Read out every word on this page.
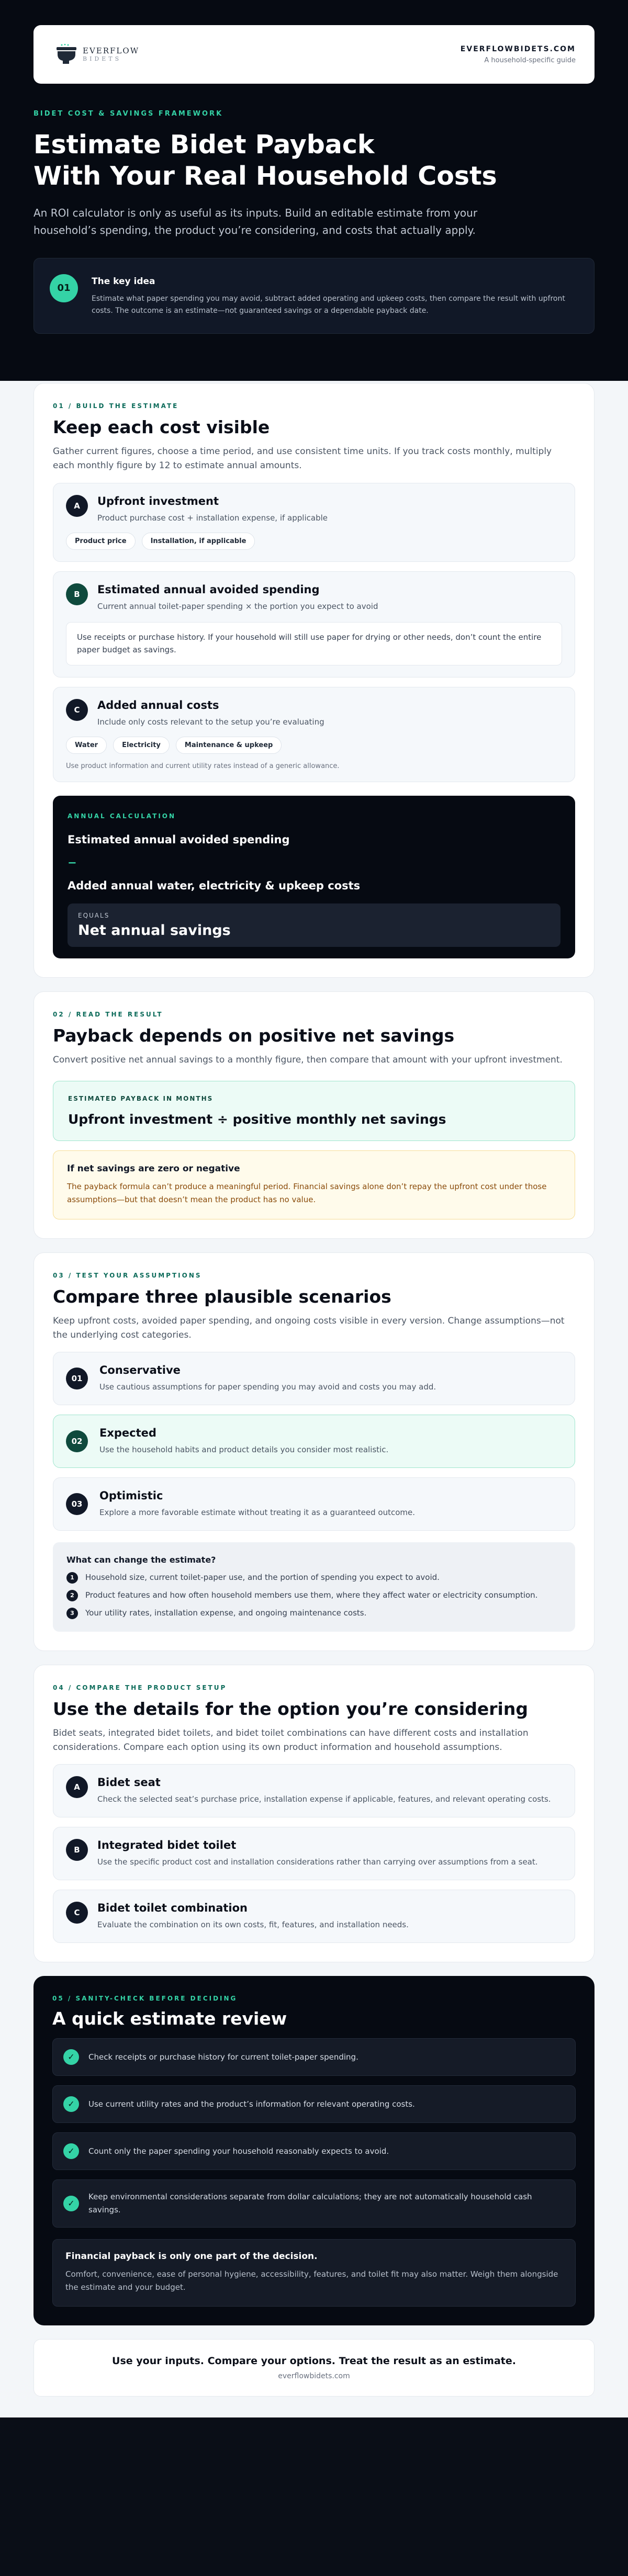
EVERFLOW
BIDETS
EVERFLOWBIDETS.COM
A household-specific guide
BIDET COST & SAVINGS FRAMEWORK
Estimate Bidet Payback
With Your Real Household Costs

An ROI calculator is only as useful as its inputs. Build an editable estimate from your household’s spending, the product you’re considering, and costs that actually apply.

01
The key idea

Estimate what paper spending you may avoid, subtract added operating and upkeep costs, then compare the result with upfront costs. The outcome is an estimate—not guaranteed savings or a dependable payback date.

01 / BUILD THE ESTIMATE
Keep each cost visible

Gather current figures, choose a time period, and use consistent time units. If you track costs monthly, multiply each monthly figure by 12 to estimate annual amounts.

A	Upfront investment
Product purchase cost + installation expense, if applicable
Product price	Installation, if applicable
B	Estimated annual avoided spending
Current annual toilet-paper spending × the portion you expect to avoid
Use receipts or purchase history. If your household will still use paper for drying or other needs, don’t count the entire paper budget as savings.
C	Added annual costs
Include only costs relevant to the setup you’re evaluating
Water	Electricity	Maintenance & upkeep
Use product information and current utility rates instead of a generic allowance.
ANNUAL CALCULATION
Estimated annual avoided spending
−
Added annual water, electricity & upkeep costs
EQUALS
Net annual savings
02 / READ THE RESULT
Payback depends on positive net savings

Convert positive net annual savings to a monthly figure, then compare that amount with your upfront investment.

ESTIMATED PAYBACK IN MONTHS
Upfront investment ÷ positive monthly net savings
If net savings are zero or negative

The payback formula can’t produce a meaningful period. Financial savings alone don’t repay the upfront cost under those assumptions—but that doesn’t mean the product has no value.

03 / TEST YOUR ASSUMPTIONS
Compare three plausible scenarios

Keep upfront costs, avoided paper spending, and ongoing costs visible in every version. Change assumptions—not the underlying cost categories.

01
Conservative
Use cautious assumptions for paper spending you may avoid and costs you may add.
02
Expected
Use the household habits and product details you consider most realistic.
03
Optimistic
Explore a more favorable estimate without treating it as a guaranteed outcome.
What can change the estimate?
1	Household size, current toilet-paper use, and the portion of spending you expect to avoid.
2	Product features and how often household members use them, where they affect water or electricity consumption.
3	Your utility rates, installation expense, and ongoing maintenance costs.
04 / COMPARE THE PRODUCT SETUP
Use the details for the option you’re considering

Bidet seats, integrated bidet toilets, and bidet toilet combinations can have different costs and installation considerations. Compare each option using its own product information and household assumptions.

A	Bidet seat
Check the selected seat’s purchase price, installation expense if applicable, features, and relevant operating costs.
B	Integrated bidet toilet
Use the specific product cost and installation considerations rather than carrying over assumptions from a seat.
C	Bidet toilet combination
Evaluate the combination on its own costs, fit, features, and installation needs.
05 / SANITY-CHECK BEFORE DECIDING
A quick estimate review
✓	Check receipts or purchase history for current toilet-paper spending.
✓	Use current utility rates and the product’s information for relevant operating costs.
✓	Count only the paper spending your household reasonably expects to avoid.
✓
Keep environmental considerations separate from dollar calculations; they are not automatically household cash savings.
Financial payback is only one part of the decision.

Comfort, convenience, ease of personal hygiene, accessibility, features, and toilet fit may also matter. Weigh them alongside the estimate and your budget.

Use your inputs. Compare your options. Treat the result as an estimate.
everflowbidets.com
